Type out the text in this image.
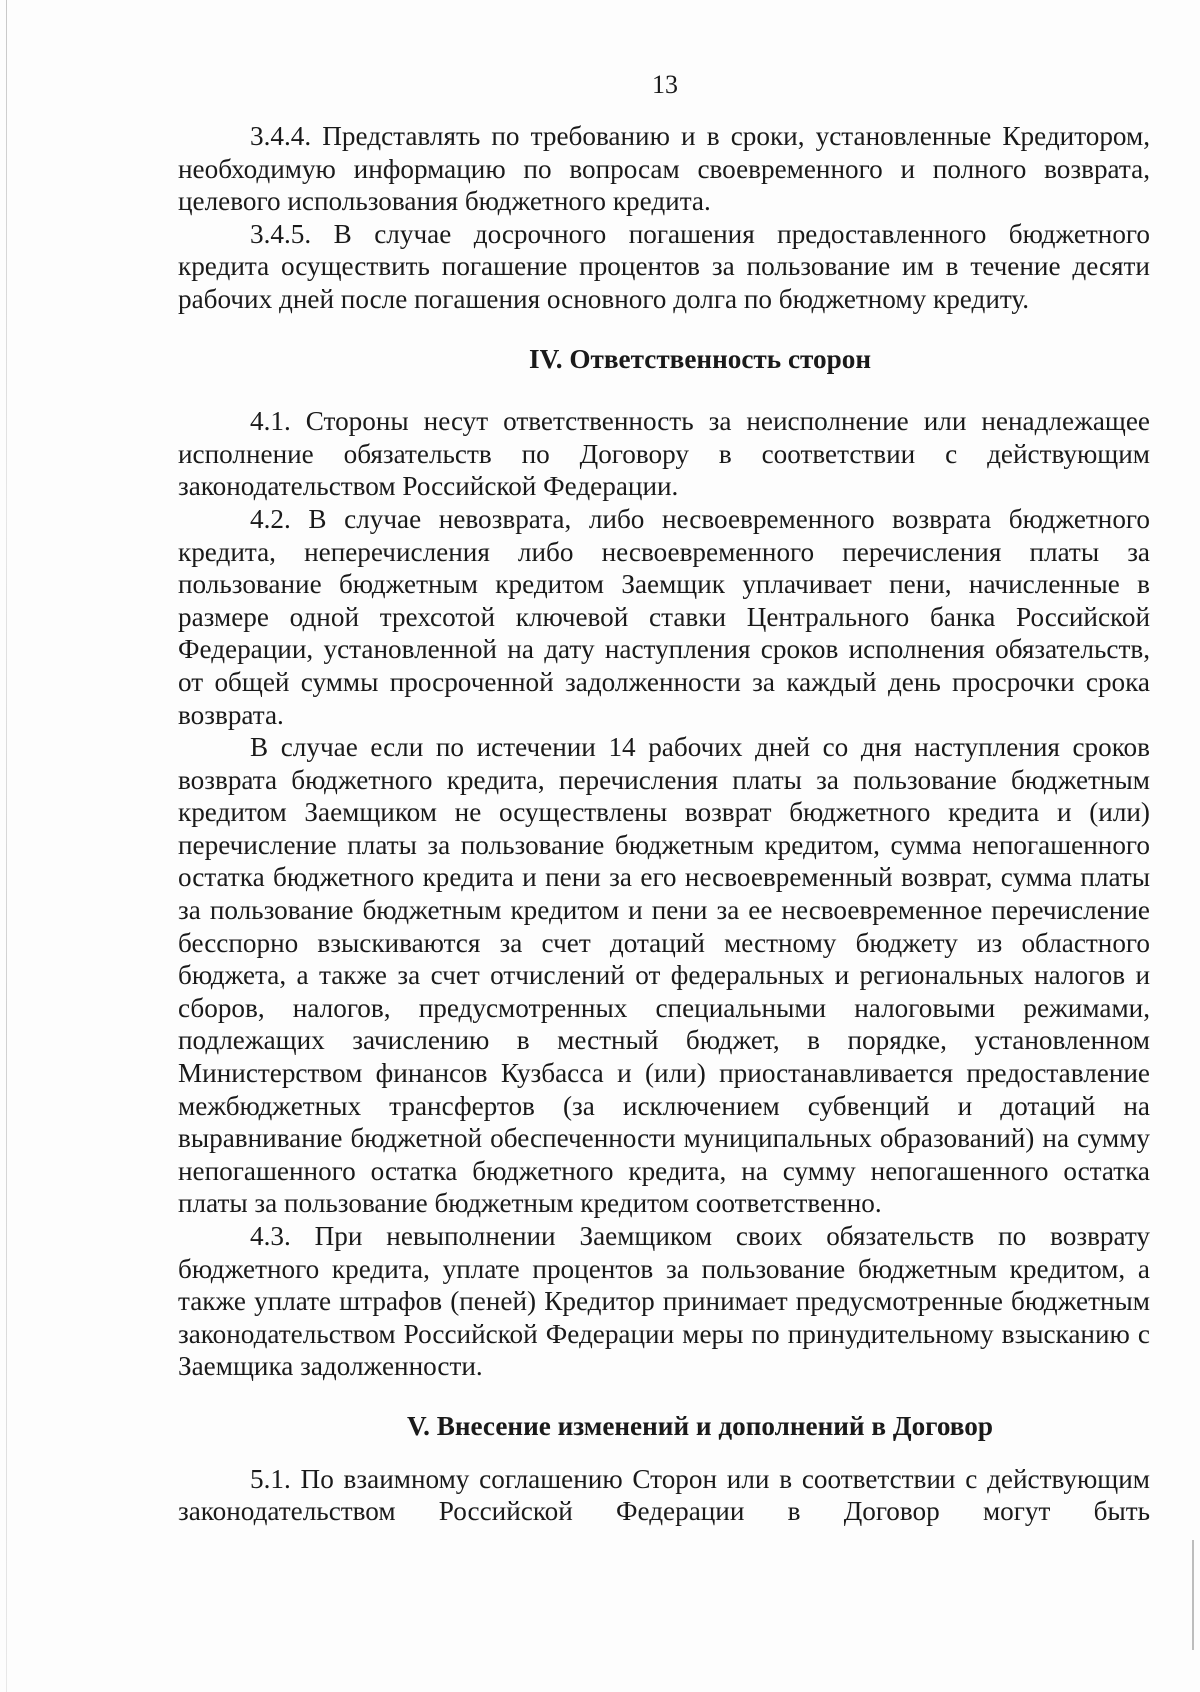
13

3.4.4. Представлять по требованию и в сроки, установленные Кредитором, необходимую информацию по вопросам своевременного и полного возврата, целевого использования бюджетного кредита.

3.4.5. В случае досрочного погашения предоставленного бюджетного кредита осуществить погашение процентов за пользование им в течение десяти рабочих дней после погашения основного долга по бюджетному кредиту.

IV. Ответственность сторон

4.1. Стороны несут ответственность за неисполнение или ненадлежащее исполнение обязательств по Договору в соответствии с действующим законодательством Российской Федерации.

4.2. В случае невозврата, либо несвоевременного возврата бюджетного кредита, неперечисления либо несвоевременного перечисления платы за пользование бюджетным кредитом Заемщик уплачивает пени, начисленные в размере одной трехсотой ключевой ставки Центрального банка Российской Федерации, установленной на дату наступления сроков исполнения обязательств, от общей суммы просроченной задолженности за каждый день просрочки срока возврата.

В случае если по истечении 14 рабочих дней со дня наступления сроков возврата бюджетного кредита, перечисления платы за пользование бюджетным кредитом Заемщиком не осуществлены возврат бюджетного кредита и (или) перечисление платы за пользование бюджетным кредитом, сумма непогашенного остатка бюджетного кредита и пени за его несвоевременный возврат, сумма платы за пользование бюджетным кредитом и пени за ее несвоевременное перечисление бесспорно взыскиваются за счет дотаций местному бюджету из областного бюджета, а также за счет отчислений от федеральных и региональных налогов и сборов, налогов, предусмотренных специальными налоговыми режимами, подлежащих зачислению в местный бюджет, в порядке, установленном Министерством финансов Кузбасса и (или) приостанавливается предоставление межбюджетных трансфертов (за исключением субвенций и дотаций на выравнивание бюджетной обеспеченности муниципальных образований) на сумму непогашенного остатка бюджетного кредита, на сумму непогашенного остатка платы за пользование бюджетным кредитом соответственно.

4.3. При невыполнении Заемщиком своих обязательств по возврату бюджетного кредита, уплате процентов за пользование бюджетным кредитом, а также уплате штрафов (пеней) Кредитор принимает предусмотренные бюджетным законодательством Российской Федерации меры по принудительному взысканию с Заемщика задолженности.

V. Внесение изменений и дополнений в Договор

5.1. По взаимному соглашению Сторон или в соответствии с действующим законодательством Российской Федерации в Договор могут быть
